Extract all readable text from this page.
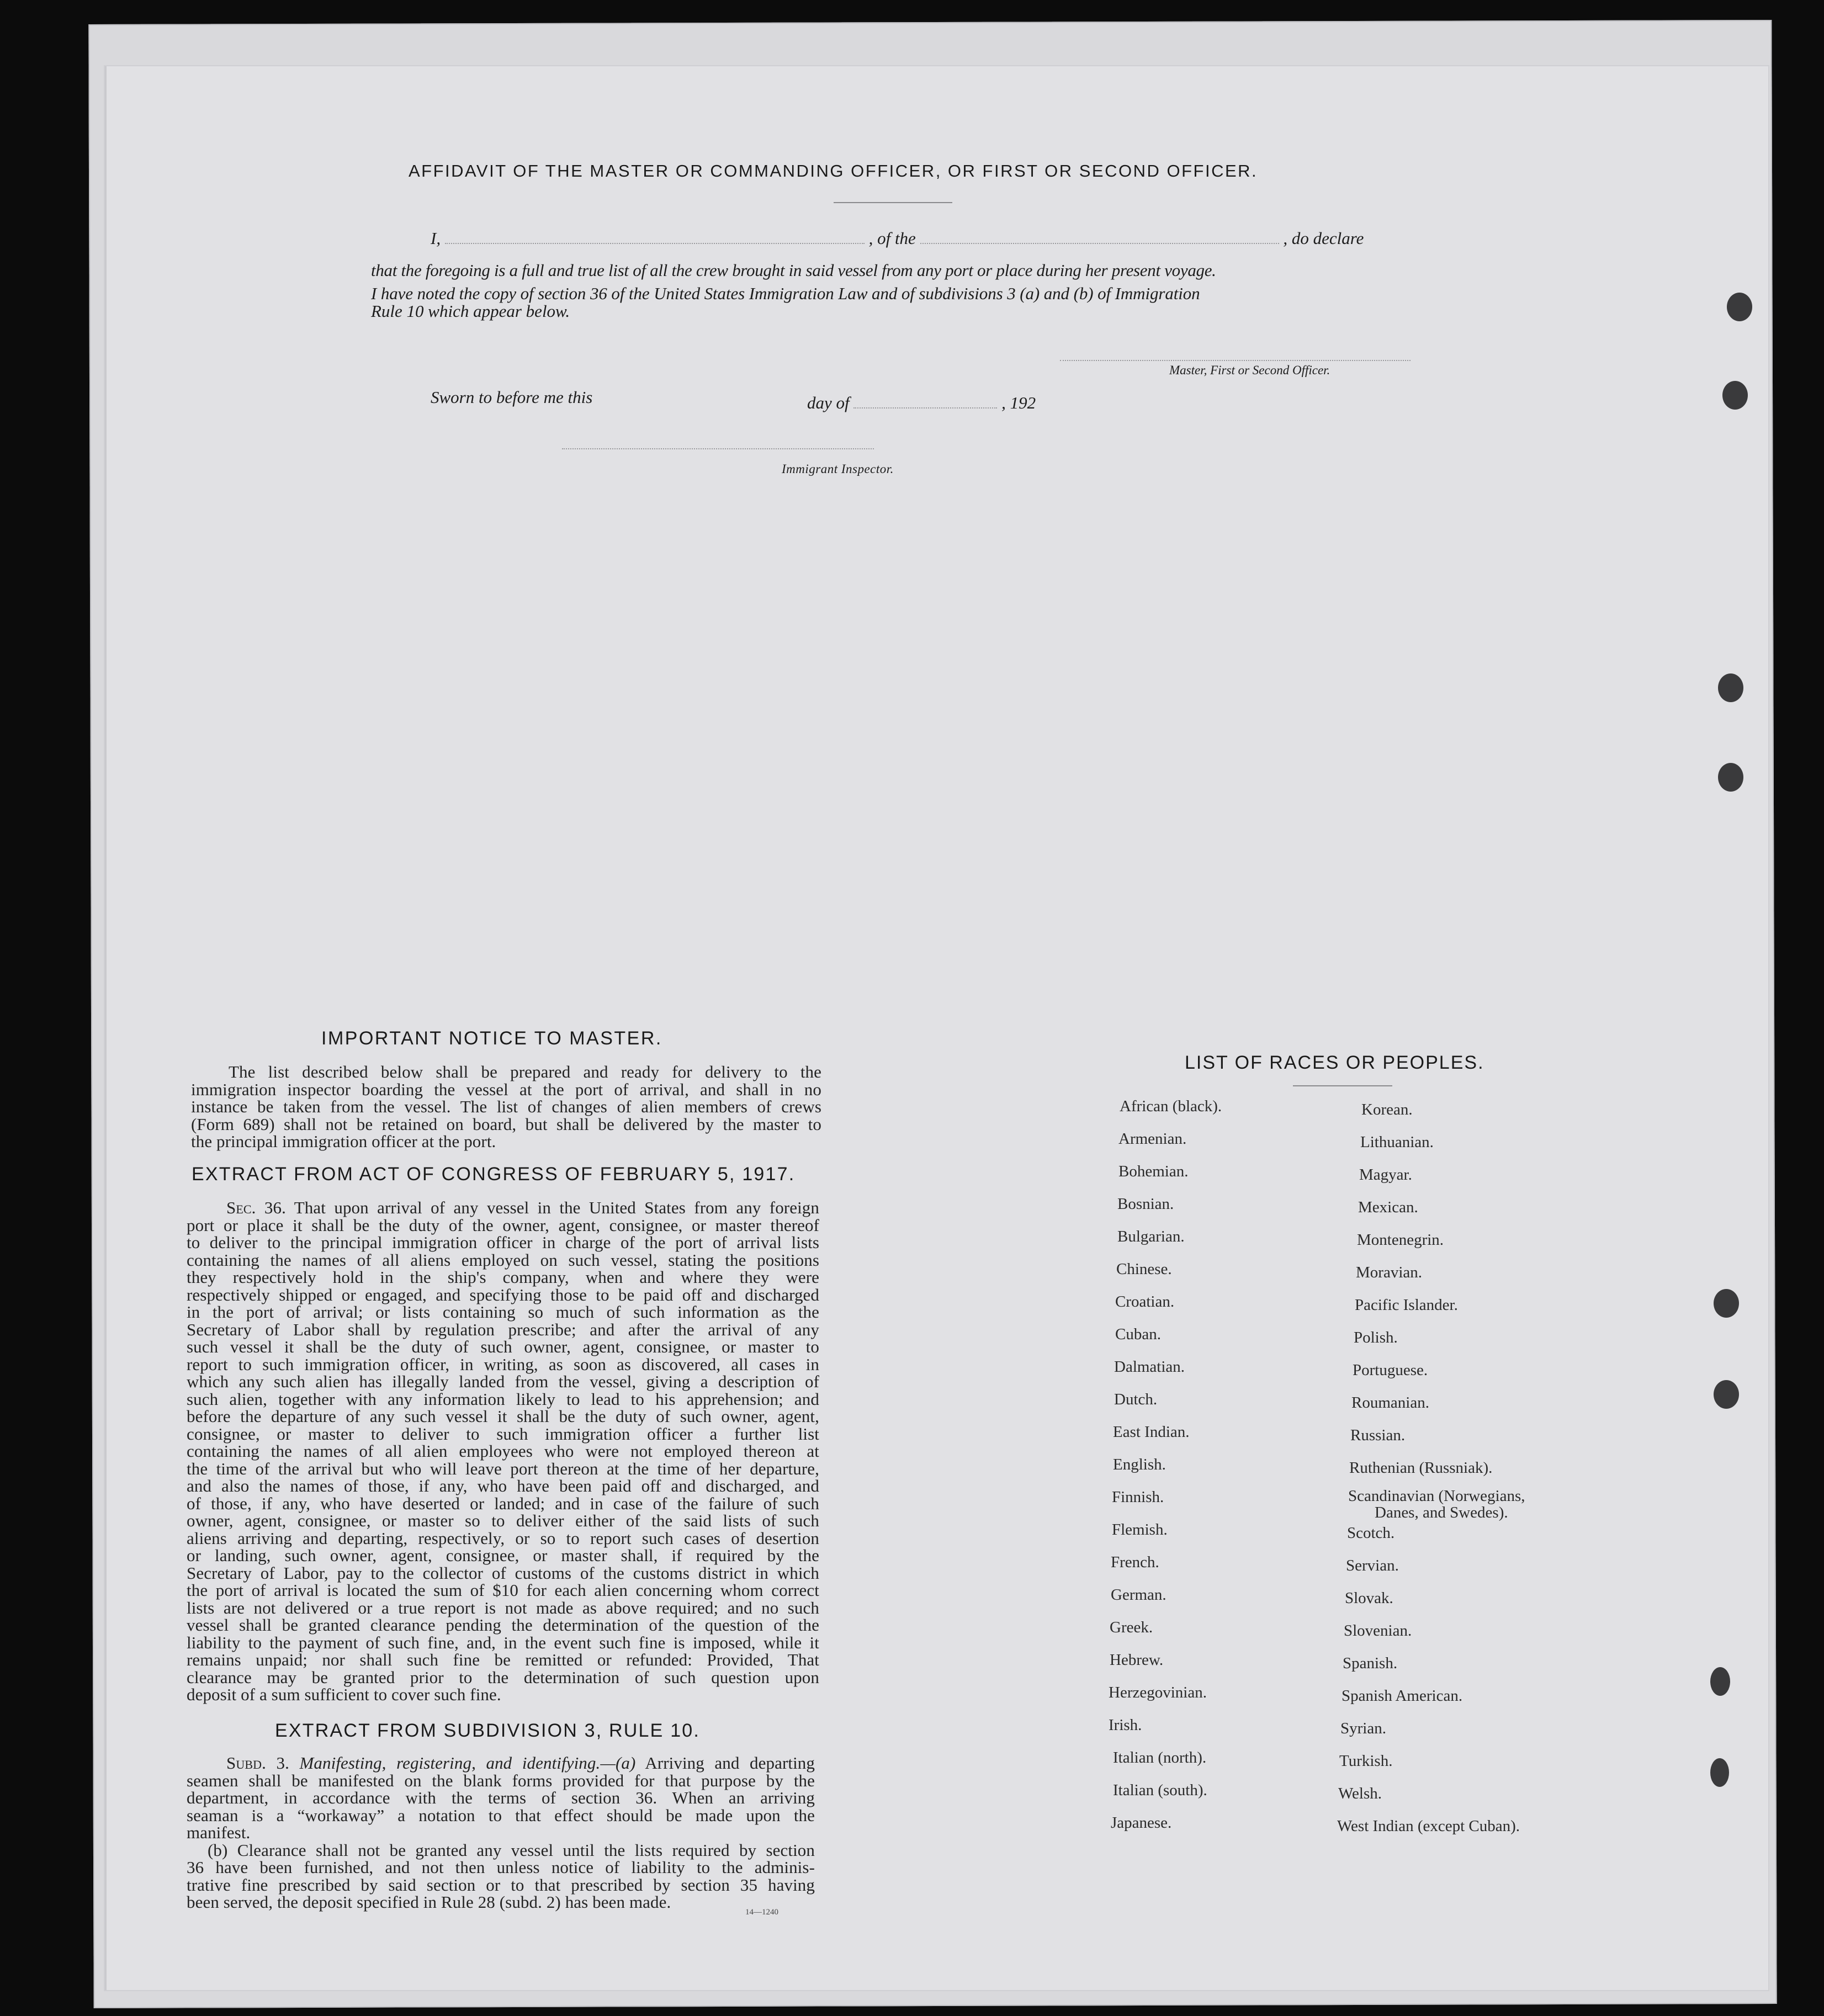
AFFIDAVIT OF THE MASTER OR COMMANDING OFFICER, OR FIRST OR SECOND OFFICER.
I,	, of the	, do declare
that the foregoing is a full and true list of all the crew brought in said vessel from any port or place during her present voyage.
I have noted the copy of section 36 of the United States Immigration Law and of subdivisions 3 (a) and (b) of Immigration
Rule 10 which appear below.
Master, First or Second Officer.
Sworn to before me this	day of	, 192
Immigrant Inspector.
IMPORTANT NOTICE TO MASTER.
The list described below shall be prepared and ready for delivery to the
immigration inspector boarding the vessel at the port of arrival, and shall in no
instance be taken from the vessel. The list of changes of alien members of crews
(Form 689) shall not be retained on board, but shall be delivered by the master to
the principal immigration officer at the port.
EXTRACT FROM ACT OF CONGRESS OF FEBRUARY 5, 1917.
Sec. 36. That upon arrival of any vessel in the United States from any foreign
port or place it shall be the duty of the owner, agent, consignee, or master thereof
to deliver to the principal immigration officer in charge of the port of arrival lists
containing the names of all aliens employed on such vessel, stating the positions
they respectively hold in the ship's company, when and where they were
respectively shipped or engaged, and specifying those to be paid off and discharged
in the port of arrival; or lists containing so much of such information as the
Secretary of Labor shall by regulation prescribe; and after the arrival of any
such vessel it shall be the duty of such owner, agent, consignee, or master to
report to such immigration officer, in writing, as soon as discovered, all cases in
which any such alien has illegally landed from the vessel, giving a description of
such alien, together with any information likely to lead to his apprehension; and
before the departure of any such vessel it shall be the duty of such owner, agent,
consignee, or master to deliver to such immigration officer a further list
containing the names of all alien employees who were not employed thereon at
the time of the arrival but who will leave port thereon at the time of her departure,
and also the names of those, if any, who have been paid off and discharged, and
of those, if any, who have deserted or landed; and in case of the failure of such
owner, agent, consignee, or master so to deliver either of the said lists of such
aliens arriving and departing, respectively, or so to report such cases of desertion
or landing, such owner, agent, consignee, or master shall, if required by the
Secretary of Labor, pay to the collector of customs of the customs district in which
the port of arrival is located the sum of $10 for each alien concerning whom correct
lists are not delivered or a true report is not made as above required; and no such
vessel shall be granted clearance pending the determination of the question of the
liability to the payment of such fine, and, in the event such fine is imposed, while it
remains unpaid; nor shall such fine be remitted or refunded: Provided, That
clearance may be granted prior to the determination of such question upon
deposit of a sum sufficient to cover such fine.
EXTRACT FROM SUBDIVISION 3, RULE 10.
Subd. 3. Manifesting, registering, and identifying.—(a) Arriving and departing
seamen shall be manifested on the blank forms provided for that purpose by the
department, in accordance with the terms of section 36. When an arriving
seaman is a “workaway” a notation to that effect should be made upon the
manifest.
(b) Clearance shall not be granted any vessel until the lists required by section
36 have been furnished, and not then unless notice of liability to the adminis-
trative fine prescribed by said section or to that prescribed by section 35 having
been served, the deposit specified in Rule 28 (subd. 2) has been made.
14—1240
LIST OF RACES OR PEOPLES.
African (black).
Armenian.
Bohemian.
Bosnian.
Bulgarian.
Chinese.
Croatian.
Cuban.
Dalmatian.
Dutch.
East Indian.
English.
Finnish.
Flemish.
French.
German.
Greek.
Hebrew.
Herzegovinian.
Irish.
Italian (north).
Italian (south).
Japanese.
Korean.
Lithuanian.
Magyar.
Mexican.
Montenegrin.
Moravian.
Pacific Islander.
Polish.
Portuguese.
Roumanian.
Russian.
Ruthenian (Russniak).
Scandinavian (Norwegians,
Danes, and Swedes).
Scotch.
Servian.
Slovak.
Slovenian.
Spanish.
Spanish American.
Syrian.
Turkish.
Welsh.
West Indian (except Cuban).
